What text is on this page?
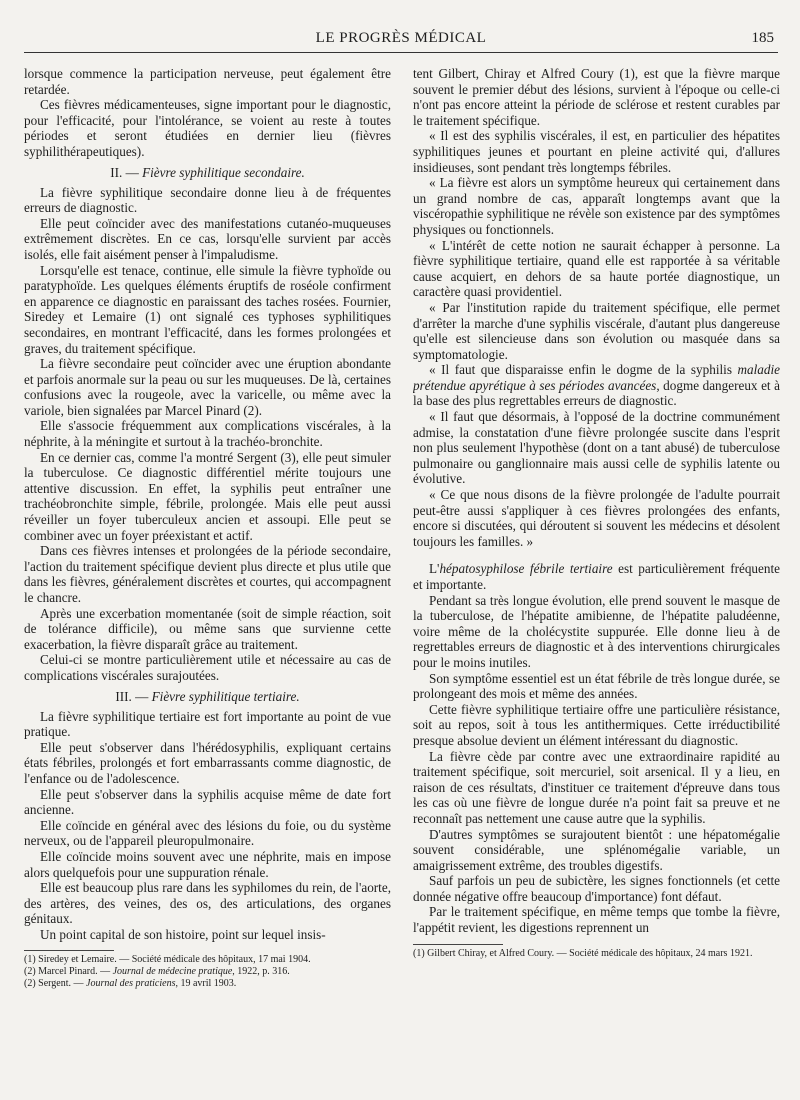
LE PROGRÈS MÉDICAL	185

lorsque commence la participation nerveuse, peut également être retardée.

Ces fièvres médicamenteuses, signe important pour le diagnostic, pour l'efficacité, pour l'intolérance, se voient au reste à toutes périodes et seront étudiées en dernier lieu (fièvres syphilithérapeutiques).

II. — Fièvre syphilitique secondaire.

La fièvre syphilitique secondaire donne lieu à de fréquentes erreurs de diagnostic.

Elle peut coïncider avec des manifestations cutanéo-muqueuses extrêmement discrètes. En ce cas, lorsqu'elle survient par accès isolés, elle fait aisément penser à l'impaludisme.

Lorsqu'elle est tenace, continue, elle simule la fièvre typhoïde ou paratyphoïde. Les quelques éléments éruptifs de roséole confirment en apparence ce diagnostic en paraissant des taches rosées. Fournier, Siredey et Lemaire (1) ont signalé ces typhoses syphilitiques secondaires, en montrant l'efficacité, dans les formes prolongées et graves, du traitement spécifique.

La fièvre secondaire peut coïncider avec une éruption abondante et parfois anormale sur la peau ou sur les muqueuses. De là, certaines confusions avec la rougeole, avec la varicelle, ou même avec la variole, bien signalées par Marcel Pinard (2).

Elle s'associe fréquemment aux complications viscérales, à la néphrite, à la méningite et surtout à la trachéo-bronchite.

En ce dernier cas, comme l'a montré Sergent (3), elle peut simuler la tuberculose. Ce diagnostic différentiel mérite toujours une attentive discussion. En effet, la syphilis peut entraîner une trachéobronchite simple, fébrile, prolongée. Mais elle peut aussi réveiller un foyer tuberculeux ancien et assoupi. Elle peut se combiner avec un foyer préexistant et actif.

Dans ces fièvres intenses et prolongées de la période secondaire, l'action du traitement spécifique devient plus directe et plus utile que dans les fièvres, généralement discrètes et courtes, qui accompagnent le chancre.

Après une excerbation momentanée (soit de simple réaction, soit de tolérance difficile), ou même sans que survienne cette exacerbation, la fièvre disparaît grâce au traitement.

Celui-ci se montre particulièrement utile et nécessaire au cas de complications viscérales surajoutées.

III. — Fièvre syphilitique tertiaire.

La fièvre syphilitique tertiaire est fort importante au point de vue pratique.

Elle peut s'observer dans l'hérédosyphilis, expliquant certains états fébriles, prolongés et fort embarrassants comme diagnostic, de l'enfance ou de l'adolescence.

Elle peut s'observer dans la syphilis acquise même de date fort ancienne.

Elle coïncide en général avec des lésions du foie, ou du système nerveux, ou de l'appareil pleuropulmonaire.

Elle coïncide moins souvent avec une néphrite, mais en impose alors quelquefois pour une suppuration rénale.

Elle est beaucoup plus rare dans les syphilomes du rein, de l'aorte, des artères, des veines, des os, des articulations, des organes génitaux.

Un point capital de son histoire, point sur lequel insis-

(1) Siredey et Lemaire. — Société médicale des hôpitaux, 17 mai 1904.

(2) Marcel Pinard. — Journal de médecine pratique, 1922, p. 316.

(2) Sergent. — Journal des praticiens, 19 avril 1903.

tent Gilbert, Chiray et Alfred Coury (1), est que la fièvre marque souvent le premier début des lésions, survient à l'époque ou celle-ci n'ont pas encore atteint la période de sclérose et restent curables par le traitement spécifique.

« Il est des syphilis viscérales, il est, en particulier des hépatites syphilitiques jeunes et pourtant en pleine activité qui, d'allures insidieuses, sont pendant très longtemps fébriles.

« La fièvre est alors un symptôme heureux qui certainement dans un grand nombre de cas, apparaît longtemps avant que la viscéropathie syphilitique ne révèle son existence par des symptômes physiques ou fonctionnels.

« L'intérêt de cette notion ne saurait échapper à personne. La fièvre syphilitique tertiaire, quand elle est rapportée à sa véritable cause acquiert, en dehors de sa haute portée diagnostique, un caractère quasi providentiel.

« Par l'institution rapide du traitement spécifique, elle permet d'arrêter la marche d'une syphilis viscérale, d'autant plus dangereuse qu'elle est silencieuse dans son évolution ou masquée dans sa symptomatologie.

« Il faut que disparaisse enfin le dogme de la syphilis maladie prétendue apyrétique à ses périodes avancées, dogme dangereux et à la base des plus regrettables erreurs de diagnostic.

« Il faut que désormais, à l'opposé de la doctrine communément admise, la constatation d'une fièvre prolongée suscite dans l'esprit non plus seulement l'hypothèse (dont on a tant abusé) de tuberculose pulmonaire ou ganglionnaire mais aussi celle de syphilis latente ou évolutive.

« Ce que nous disons de la fièvre prolongée de l'adulte pourrait peut-être aussi s'appliquer à ces fièvres prolongées des enfants, encore si discutées, qui déroutent si souvent les médecins et désolent toujours les familles. »

L'hépatosyphilose fébrile tertiaire est particulièrement fréquente et importante.

Pendant sa très longue évolution, elle prend souvent le masque de la tuberculose, de l'hépatite amibienne, de l'hépatite paludéenne, voire même de la cholécystite suppurée. Elle donne lieu à de regrettables erreurs de diagnostic et à des interventions chirurgicales pour le moins inutiles.

Son symptôme essentiel est un état fébrile de très longue durée, se prolongeant des mois et même des années.

Cette fièvre syphilitique tertiaire offre une particulière résistance, soit au repos, soit à tous les antithermiques. Cette irréductibilité presque absolue devient un élément intéressant du diagnostic.

La fièvre cède par contre avec une extraordinaire rapidité au traitement spécifique, soit mercuriel, soit arsenical. Il y a lieu, en raison de ces résultats, d'instituer ce traitement d'épreuve dans tous les cas où une fièvre de longue durée n'a point fait sa preuve et ne reconnaît pas nettement une cause autre que la syphilis.

D'autres symptômes se surajoutent bientôt : une hépatomégalie souvent considérable, une splénomégalie variable, un amaigrissement extrême, des troubles digestifs.

Sauf parfois un peu de subictère, les signes fonctionnels (et cette donnée négative offre beaucoup d'importance) font défaut.

Par le traitement spécifique, en même temps que tombe la fièvre, l'appétit revient, les digestions reprennent un

(1) Gilbert Chiray, et Alfred Coury. — Société médicale des hôpitaux, 24 mars 1921.
